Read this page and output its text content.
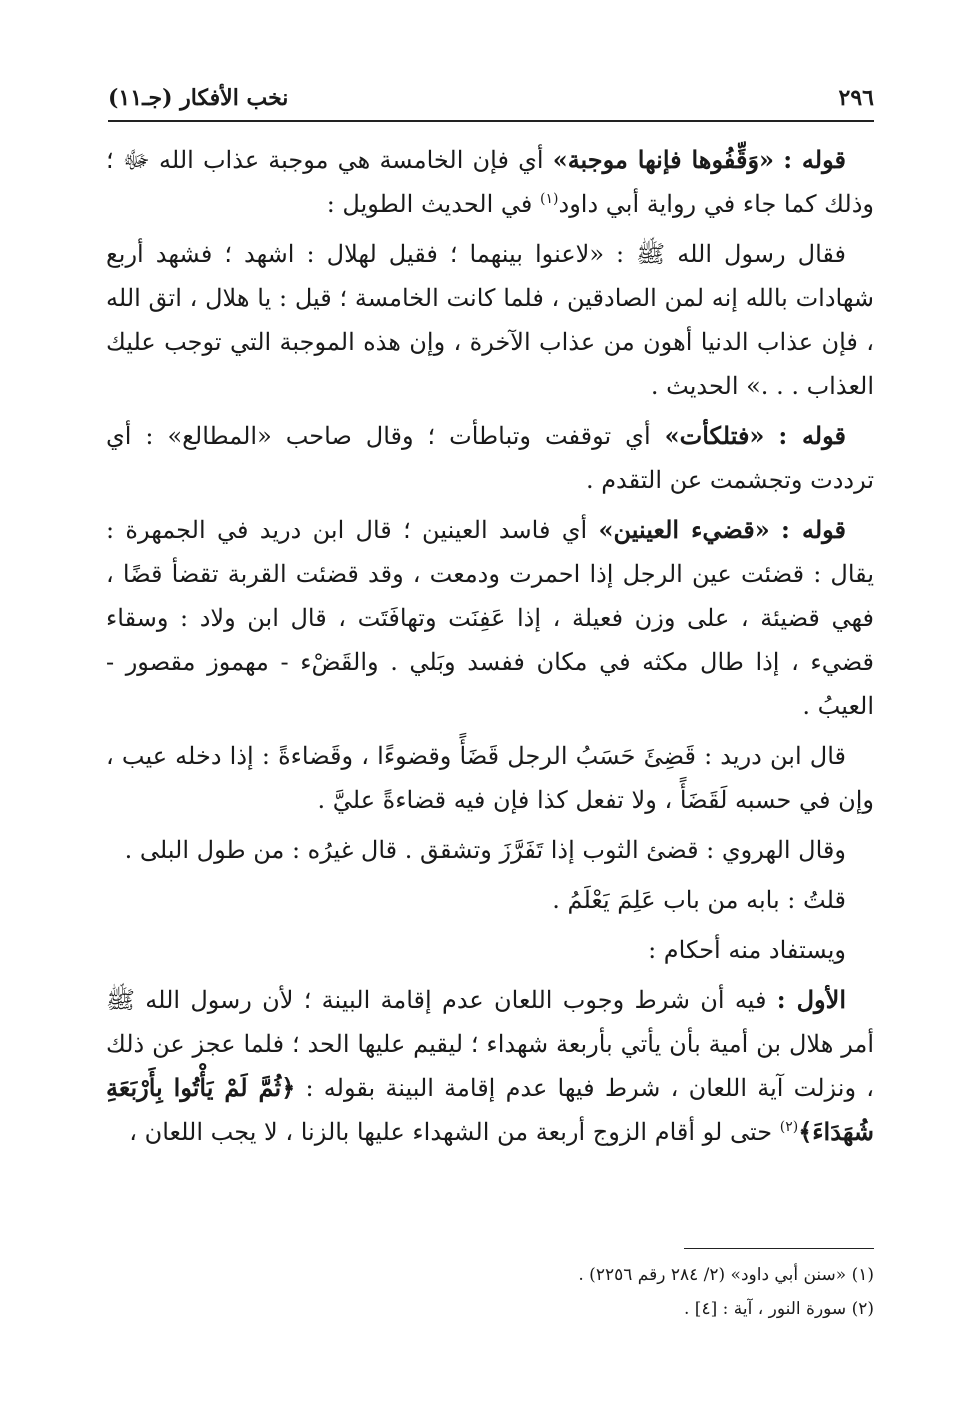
٢٩٦
نخب الأفكار (جـ١١)

قوله : «وَقِّفُوها فإنها موجبة» أي فإن الخامسة هي موجبة عذاب الله ﷻ ؛ وذلك كما جاء في رواية أبي داود$^{(١)}$ في الحديث الطويل :

فقال رسول الله ﷺ : «لاعنوا بينهما ؛ فقيل لهلال : اشهد ؛ فشهد أربع شهادات بالله إنه لمن الصادقين ، فلما كانت الخامسة ؛ قيل : يا هلال ، اتق الله ، فإن عذاب الدنيا أهون من عذاب الآخرة ، وإن هذه الموجبة التي توجب عليك العذاب . . .» الحديث .

قوله : «فتلكأت» أي توقفت وتباطأت ؛ وقال صاحب «المطالع» : أي ترددت وتجشمت عن التقدم .

قوله : «قضيء العينين» أي فاسد العينين ؛ قال ابن دريد في الجمهرة : يقال : قضئت عين الرجل إذا احمرت ودمعت ، وقد قضئت القربة تقضأ قضًا ، فهي قضيئة ، على وزن فعيلة ، إذا عَفِنَت وتهافَتَت ، قال ابن ولاد : وسقاء قضيء ، إذا طال مكثه في مكان ففسد وبَلي . والقَضْء - مهموز مقصور - العيبُ .

قال ابن دريد : قَضِئَ حَسَبُ الرجل قَضَأً وقضوءًا ، وقَضاءةً : إذا دخله عيب ، وإن في حسبه لَقَضَأً ، ولا تفعل كذا فإن فيه قضاءةً عليَّ .

وقال الهروي : قضئ الثوب إذا تَفَرَّزَ وتشقق . قال غيرُه : من طول البلى .

قلتُ : بابه من باب عَلِمَ يَعْلَمُ .

ويستفاد منه أحكام :

الأول : فيه أن شرط وجوب اللعان عدم إقامة البينة ؛ لأن رسول الله ﷺ أمر هلال بن أمية بأن يأتي بأربعة شهداء ؛ ليقيم عليها الحد ؛ فلما عجز عن ذلك ، ونزلت آية اللعان ، شرط فيها عدم إقامة البينة بقوله : ﴿ثُمَّ لَمْ يَأْتُوا بِأَرْبَعَةِ شُهَدَاءَ﴾$^{(٢)}$ حتى لو أقام الزوج أربعة من الشهداء عليها بالزنا ، لا يجب اللعان ،

(١) «سنن أبي داود» (٢/ ٢٨٤ رقم ٢٢٥٦) .
(٢) سورة النور ، آية : [٤] .
